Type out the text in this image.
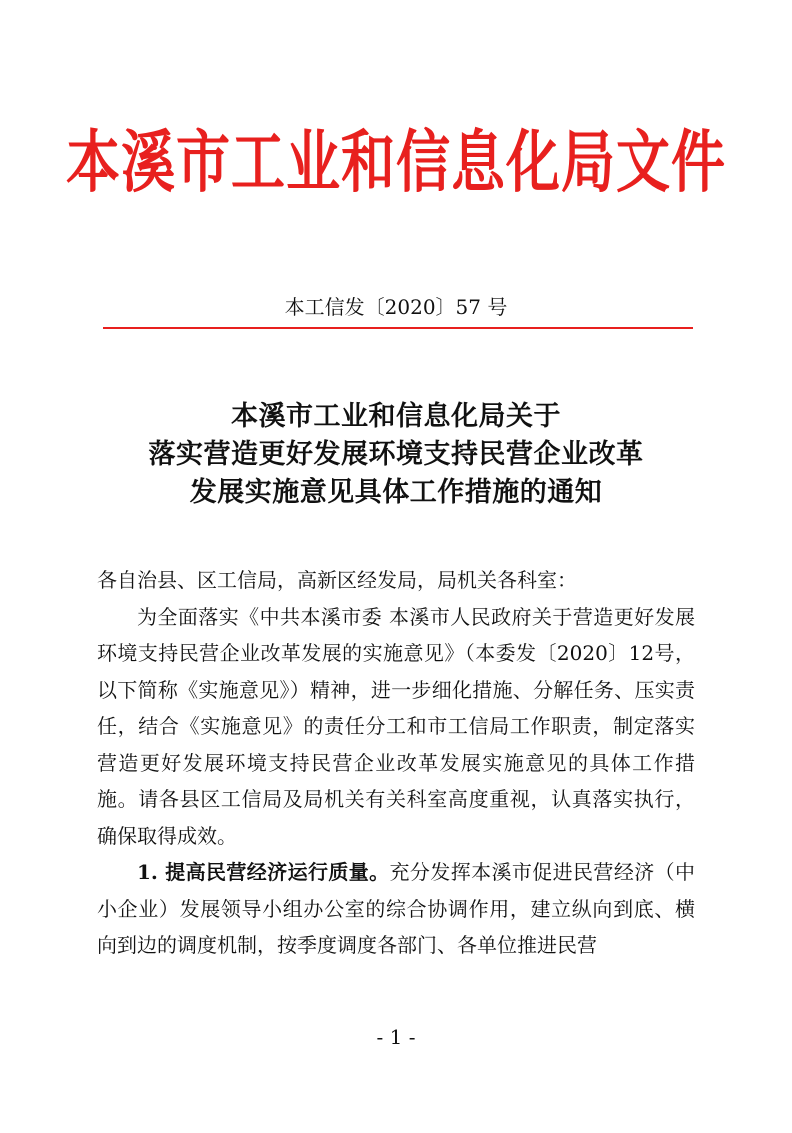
本溪市工业和信息化局文件
本工信发〔2020〕57 号
本溪市工业和信息化局关于
落实营造更好发展环境支持民营企业改革
发展实施意见具体工作措施的通知

各自治县、区工信局，高新区经发局，局机关各科室：

为全面落实《中共本溪市委 本溪市人民政府关于营造更好发展环境支持民营企业改革发展的实施意见》（本委发〔2020〕12号，以下简称《实施意见》）精神，进一步细化措施、分解任务、压实责任，结合《实施意见》的责任分工和市工信局工作职责，制定落实营造更好发展环境支持民营企业改革发展实施意见的具体工作措施。请各县区工信局及局机关有关科室高度重视，认真落实执行，确保取得成效。

1. 提高民营经济运行质量。充分发挥本溪市促进民营经济（中小企业）发展领导小组办公室的综合协调作用，建立纵向到底、横向到边的调度机制，按季度调度各部门、各单位推进民营

- 1 -
